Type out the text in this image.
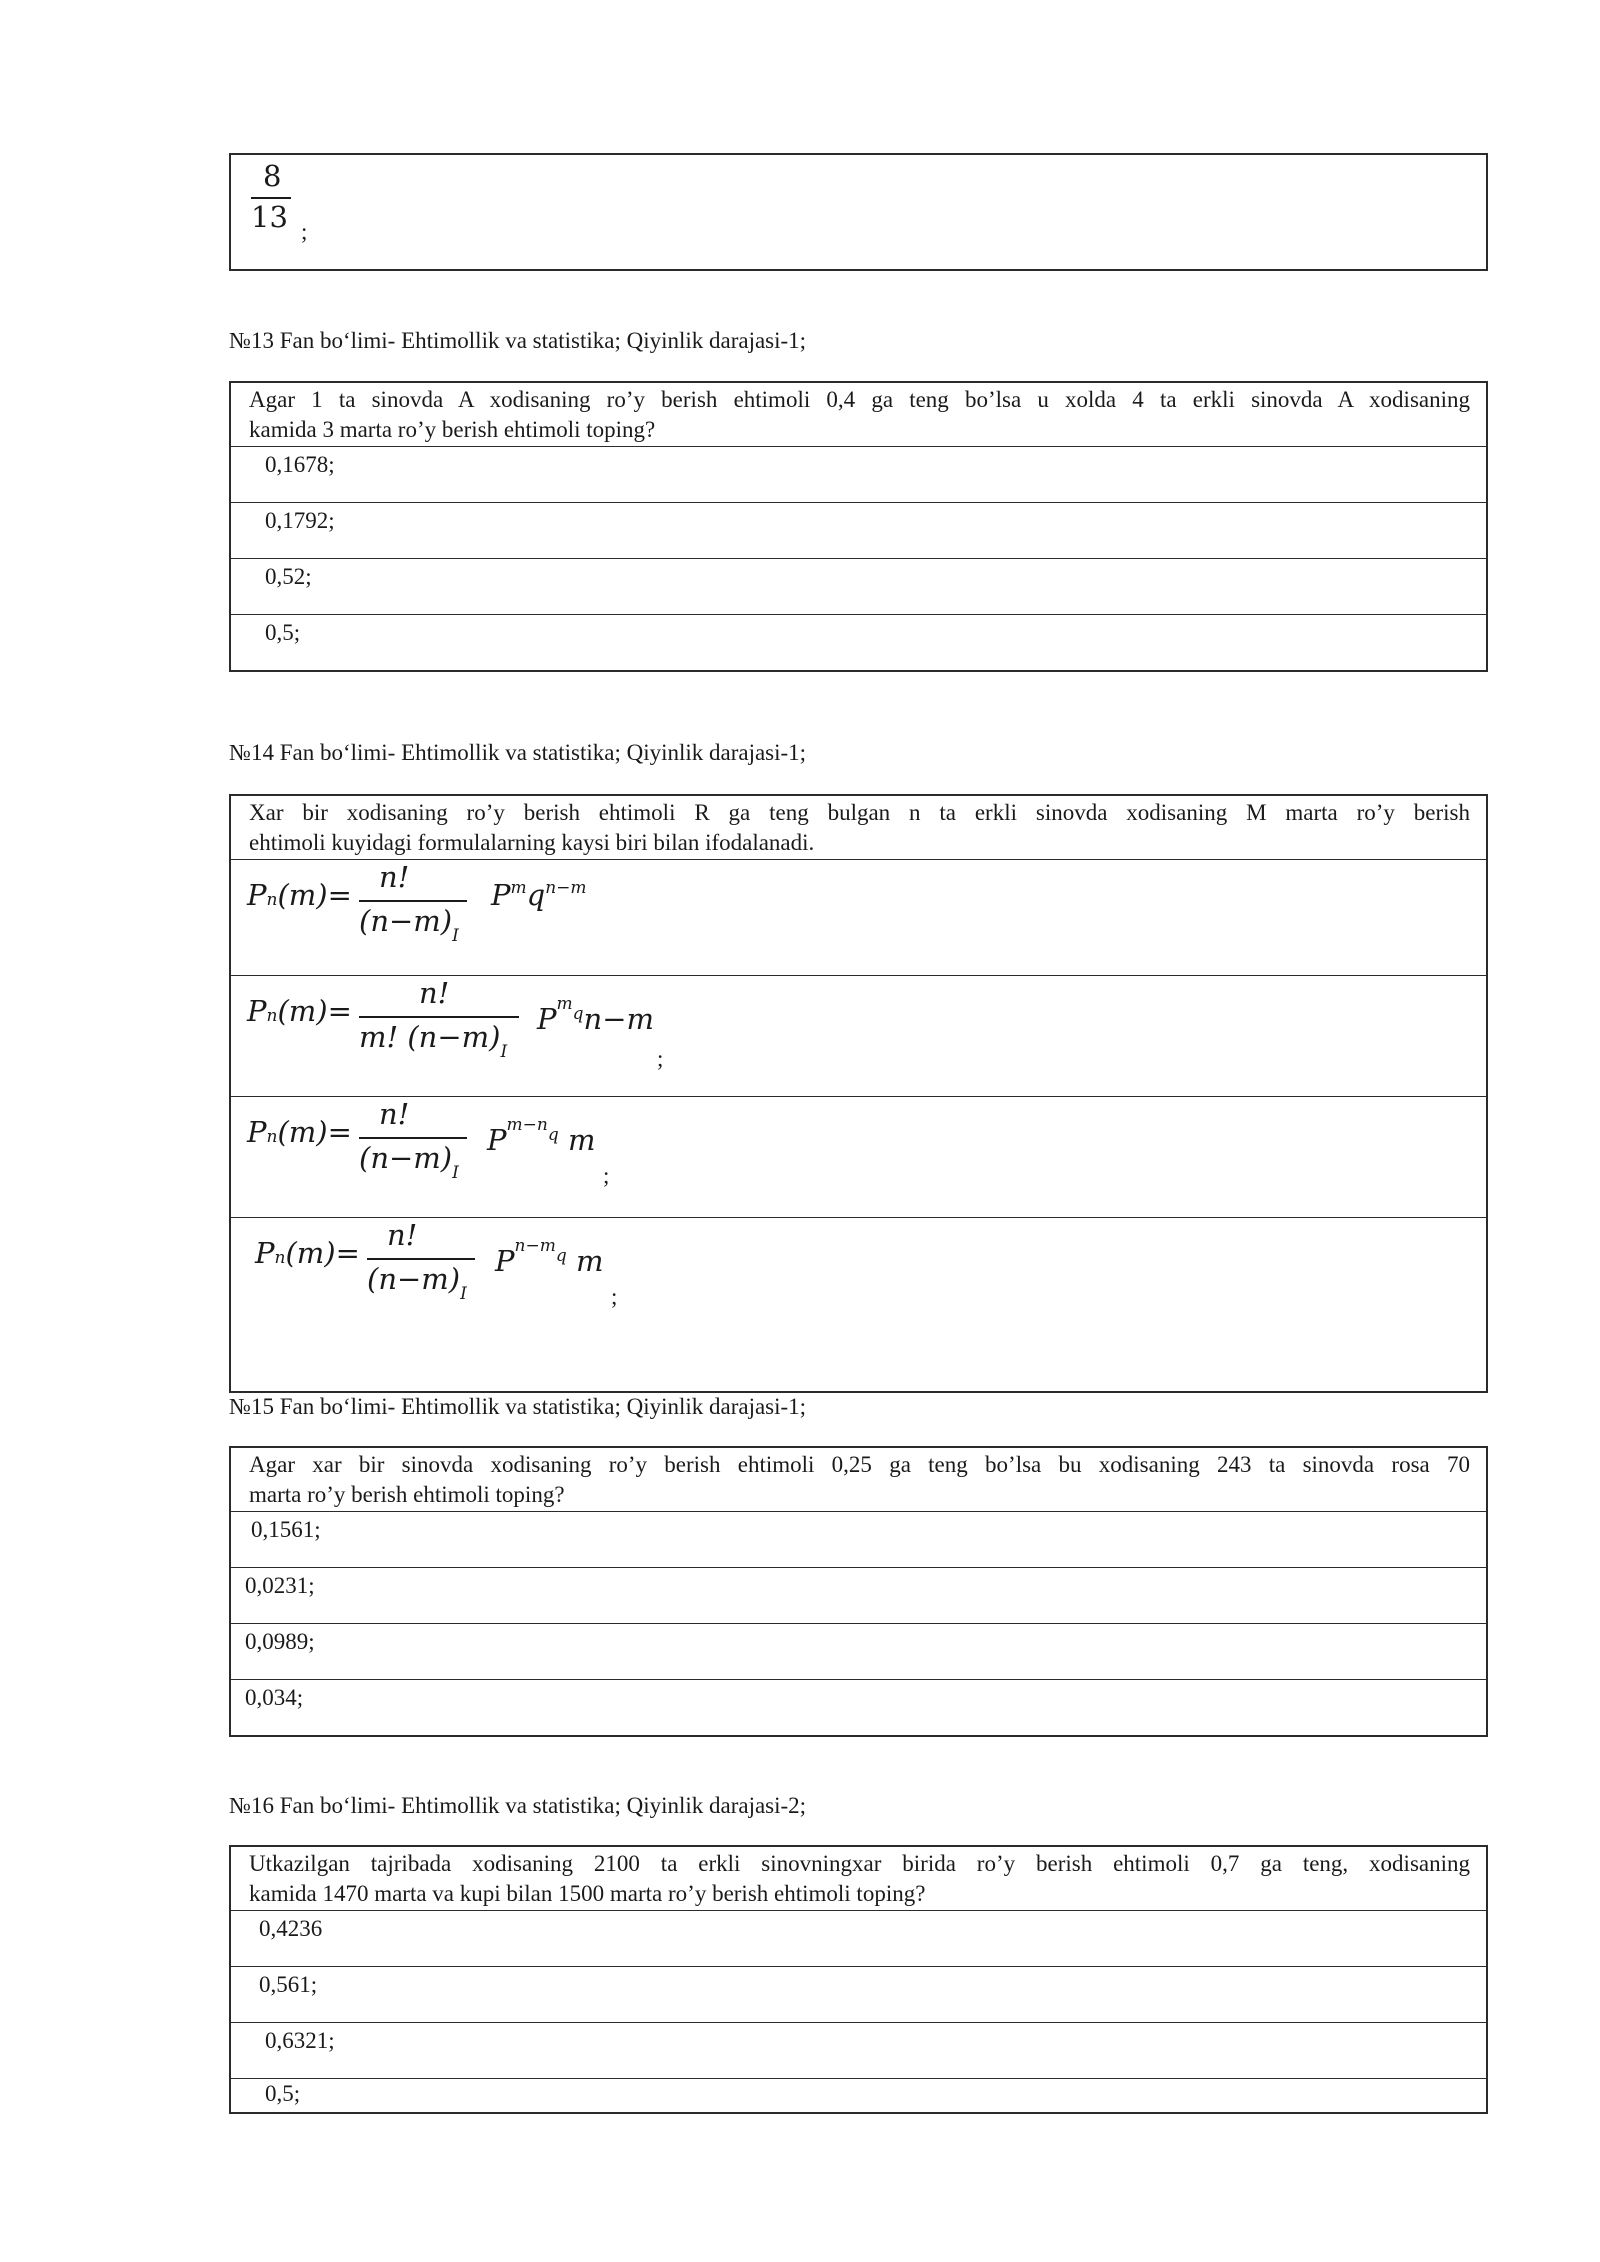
8
13 ;
№13 Fan bo‘limi- Ehtimollik va statistika; Qiyinlik darajasi-1;
Agar 1 ta sinovda A xodisaning ro’y berish ehtimoli 0,4 ga teng bo’lsa u xolda 4 ta erkli sinovda A xodisaning
kamida 3 marta ro’y berish ehtimoli toping?
0,1678;
0,1792;
0,52;
0,5;
№14 Fan bo‘limi- Ehtimollik va statistika; Qiyinlik darajasi-1;
Xar bir xodisaning ro’y berish ehtimoli R ga teng bulgan n ta erkli sinovda xodisaning M marta ro’y berish
ehtimoli kuyidagi formulalarning kaysi biri bilan ifodalanadi.
Pn(m)=
n!
$(n-m)_I$
$P^mq^{n-m}$
Pn(m)=
n!
m! $(n-m)_I$
$P^{mq}n-m$
;
Pn(m)=
n!
$(n-m)_I$
$P^{m-nq}$ m
;
Pn(m)=
n!
$(n-m)_I$
$P^{n-mq}$ m
;
№15 Fan bo‘limi- Ehtimollik va statistika; Qiyinlik darajasi-1;
Agar xar bir sinovda xodisaning ro’y berish ehtimoli 0,25 ga teng bo’lsa bu xodisaning 243 ta sinovda rosa 70
marta ro’y berish ehtimoli toping?
0,1561;
0,0231;
0,0989;
0,034;
№16 Fan bo‘limi- Ehtimollik va statistika; Qiyinlik darajasi-2;
Utkazilgan tajribada xodisaning 2100 ta erkli sinovningxar birida ro’y berish ehtimoli 0,7 ga teng, xodisaning
kamida 1470 marta va kupi bilan 1500 marta ro’y berish ehtimoli toping?
0,4236
0,561;
0,6321;
0,5;
